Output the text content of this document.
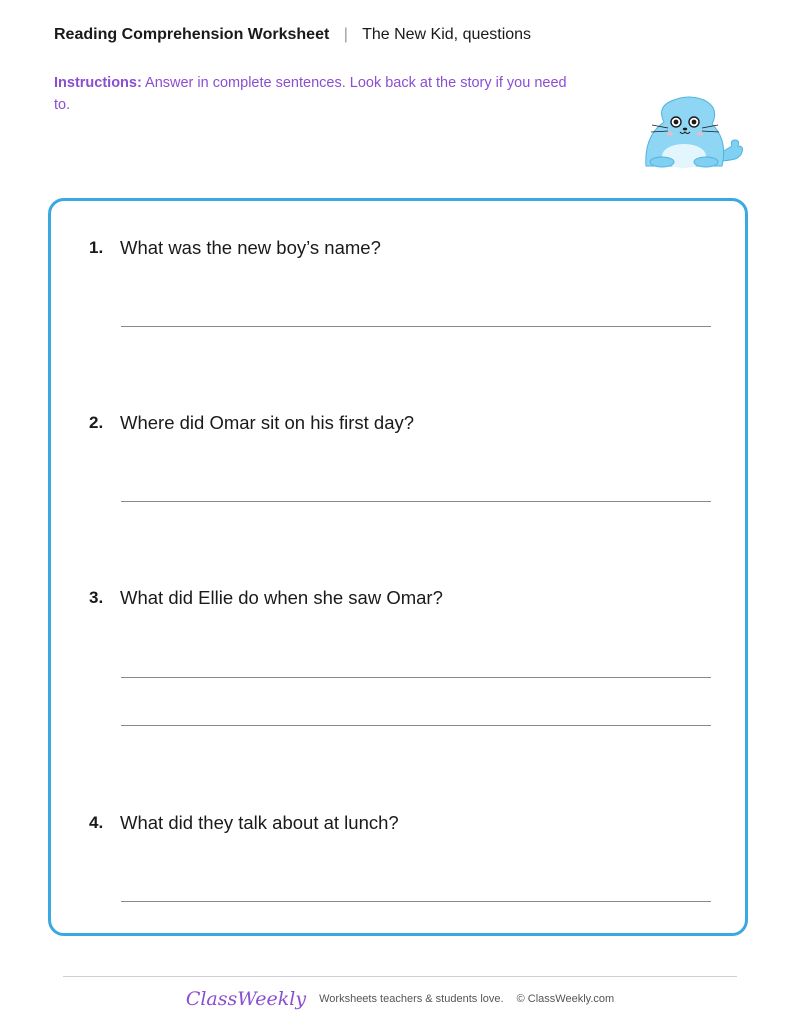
Reading Comprehension Worksheet | The New Kid, questions
Instructions: Answer in complete sentences. Look back at the story if you need to.
1. What was the new boy’s name?
2. Where did Omar sit on his first day?
3. What did Ellie do when she saw Omar?
4. What did they talk about at lunch?
ClassWeekly Worksheets teachers & students love. © ClassWeekly.com
